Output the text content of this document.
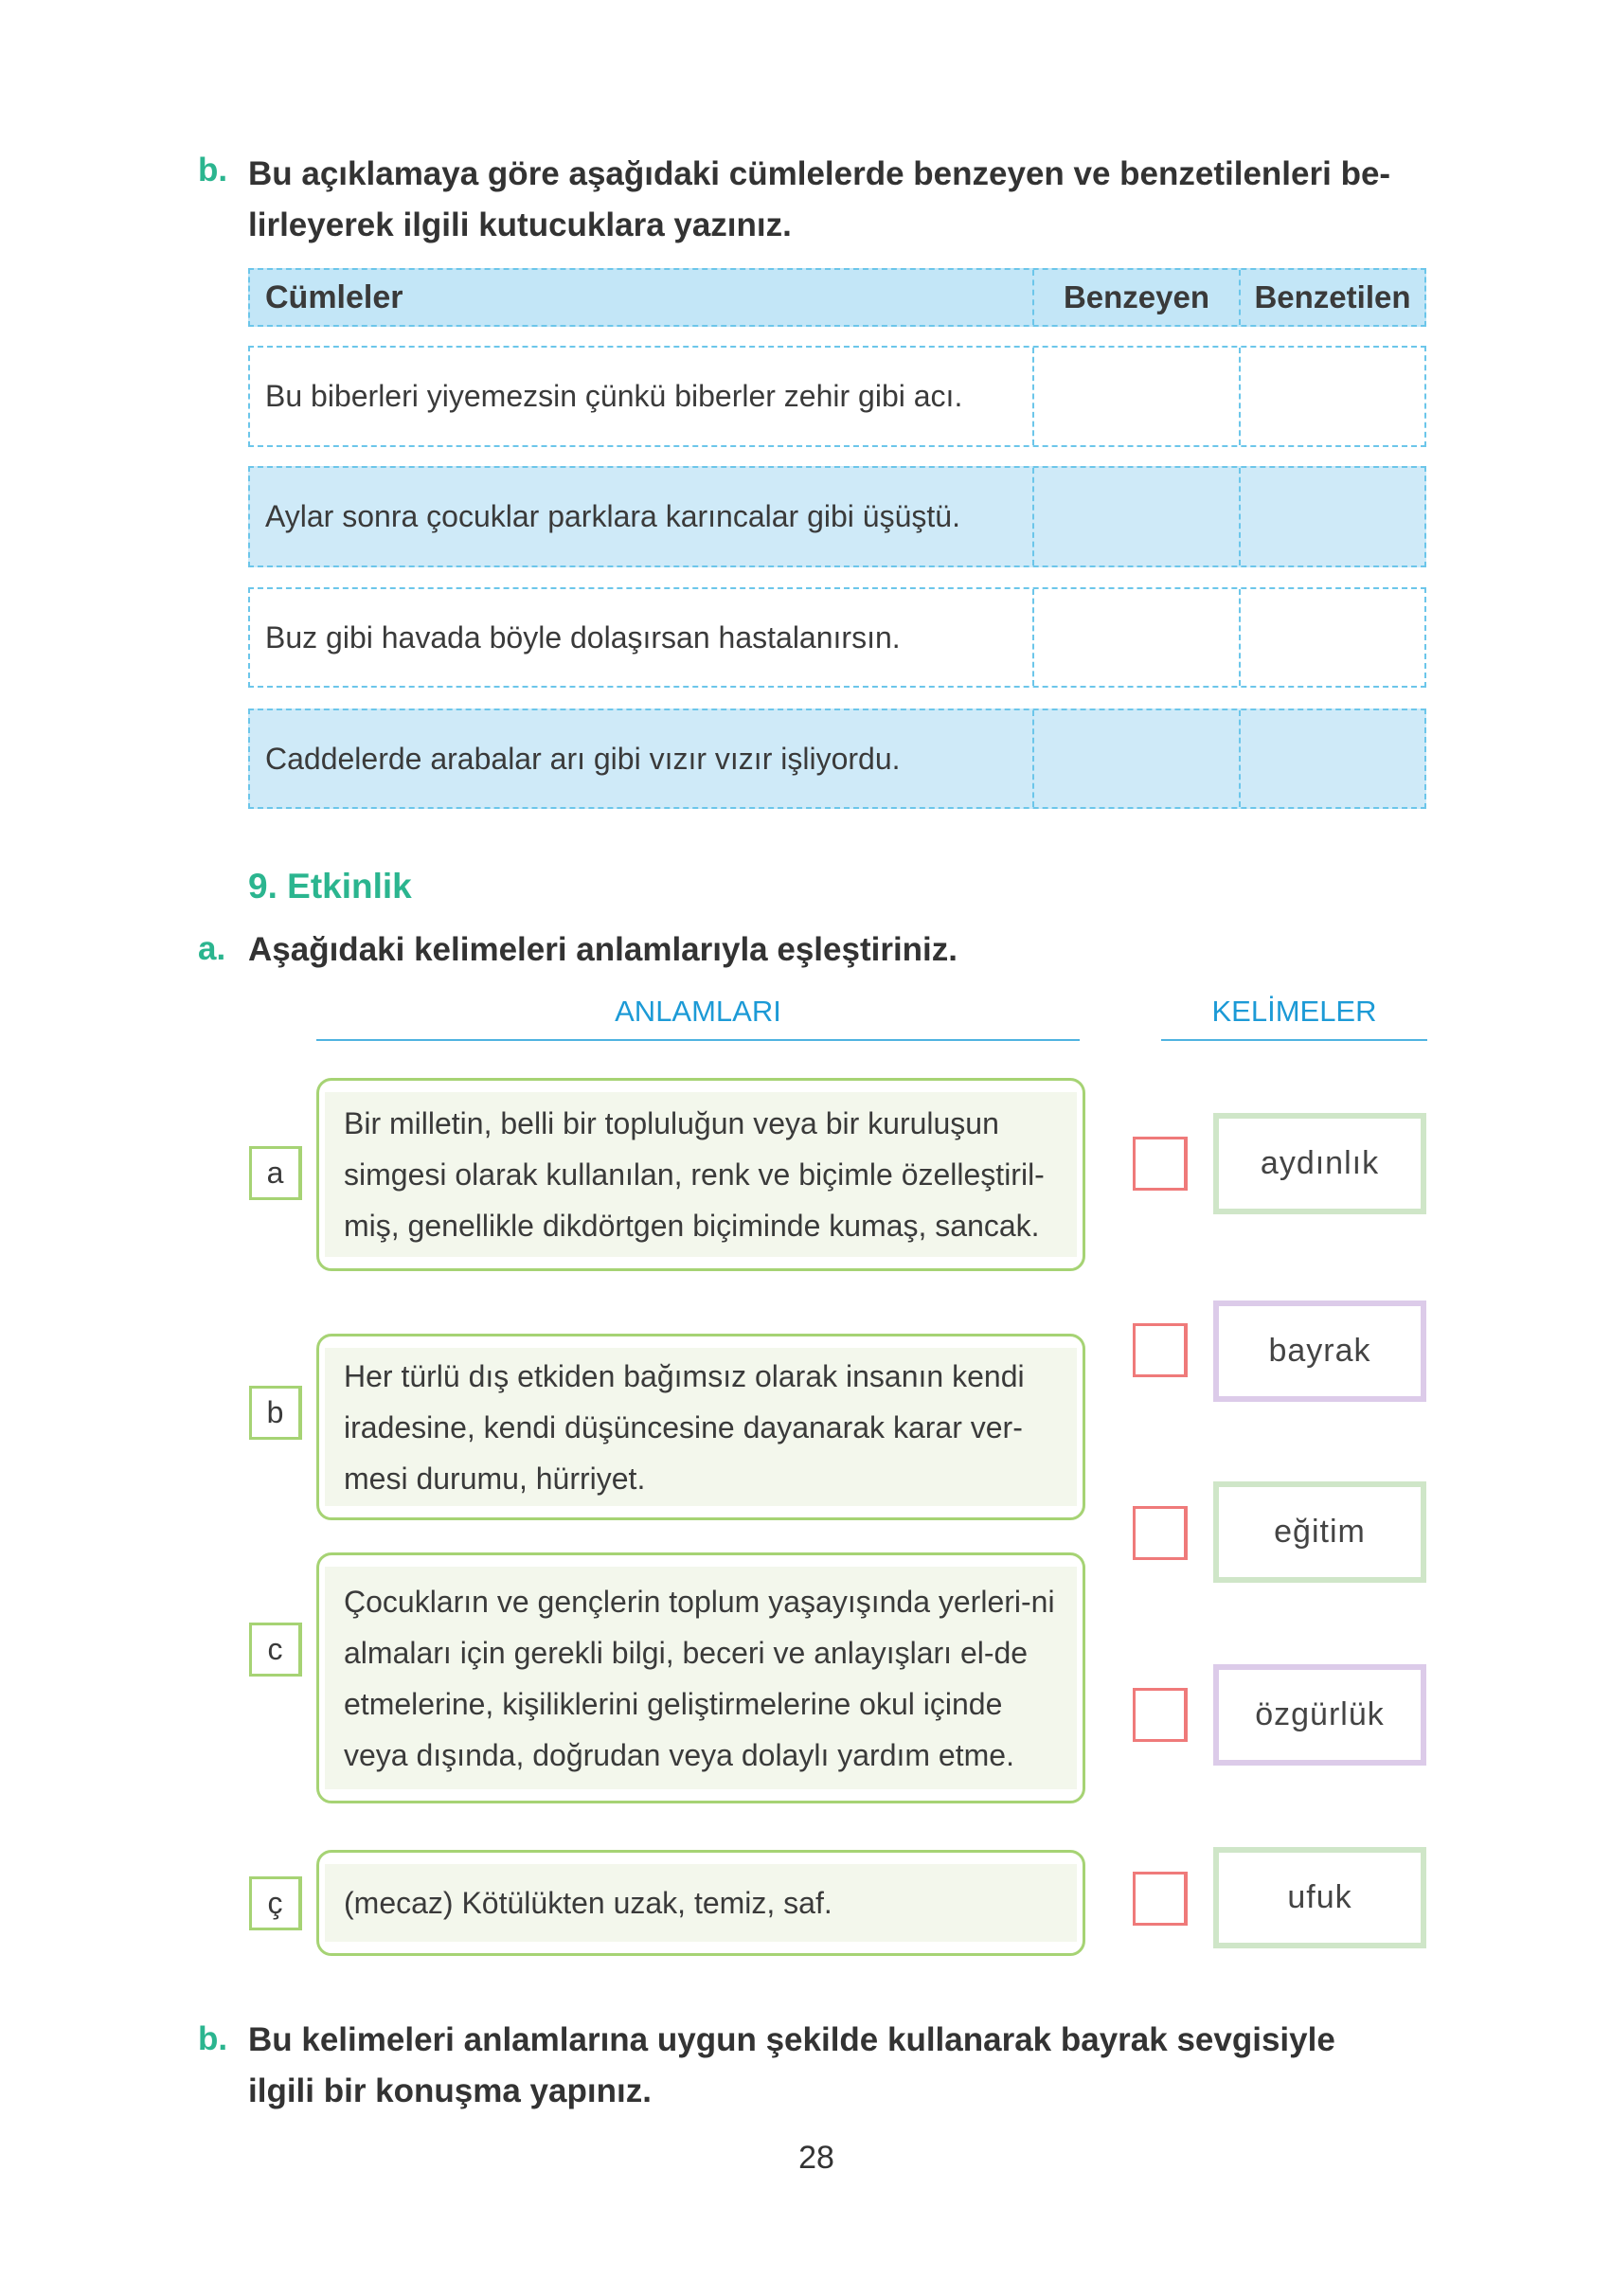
b. Bu açıklamaya göre aşağıdaki cümlelerde benzeyen ve benzetilenleri be-
lirleyerek ilgili kutucuklara yazınız.
Cümleler	Benzeyen	Benzetilen
Bu biberleri yiyemezsin çünkü biberler zehir gibi acı.
Aylar sonra çocuklar parklara karıncalar gibi üşüştü.
Buz gibi havada böyle dolaşırsan hastalanırsın.
Caddelerde arabalar arı gibi vızır vızır işliyordu.
9. Etkinlik
a. Aşağıdaki kelimeleri anlamlarıyla eşleştiriniz.
ANLAMLARI	KELİMELER
a
Bir milletin, belli bir topluluğun veya bir kuruluşun simgesi olarak kullanılan, renk ve biçimle özelleştiril-miş, genellikle dikdörtgen biçiminde kumaş, sancak.
b
Her türlü dış etkiden bağımsız olarak insanın kendi iradesine, kendi düşüncesine dayanarak karar ver-mesi durumu, hürriyet.
c
Çocukların ve gençlerin toplum yaşayışında yerleri-ni almaları için gerekli bilgi, beceri ve anlayışları el-de etmelerine, kişiliklerini geliştirmelerine okul içinde veya dışında, doğrudan veya dolaylı yardım etme.
ç	(mecaz) Kötülükten uzak, temiz, saf.
aydınlık
bayrak
eğitim
özgürlük
ufuk
b. Bu kelimeleri anlamlarına uygun şekilde kullanarak bayrak sevgisiyle
ilgili bir konuşma yapınız.
28
